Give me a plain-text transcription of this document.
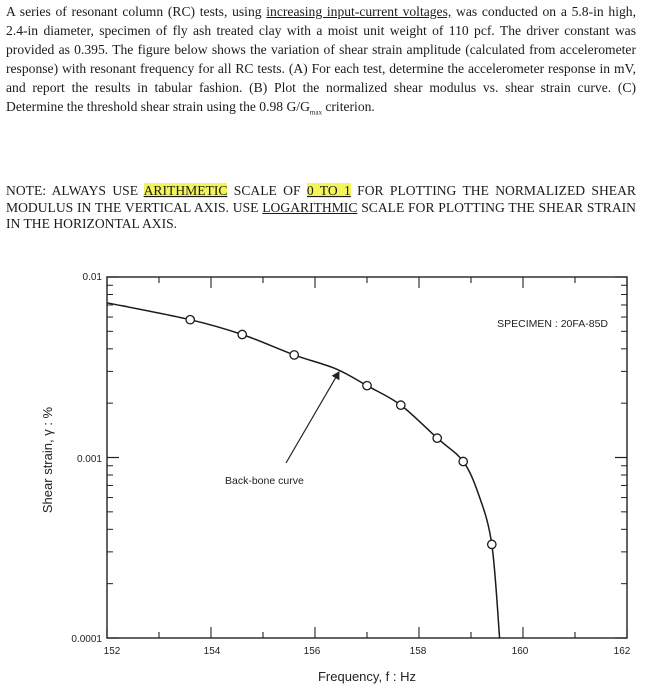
A series of resonant column (RC) tests, using increasing input-current voltages, was conducted on a 5.8-in high, 2.4-in diameter, specimen of fly ash treated clay with a moist unit weight of 110 pcf. The driver constant was provided as 0.395. The figure below shows the variation of shear strain amplitude (calculated from accelerometer response) with resonant frequency for all RC tests. (A) For each test, determine the accelerometer response in mV, and report the results in tabular fashion. (B) Plot the normalized shear modulus vs. shear strain curve. (C) Determine the threshold shear strain using the 0.98 $G/G_{max}$ criterion.
NOTE: ALWAYS USE ARITHMETIC SCALE OF 0 TO 1 FOR PLOTTING THE NORMALIZED SHEAR MODULUS IN THE VERTICAL AXIS. USE LOGARITHMIC SCALE FOR PLOTTING THE SHEAR STRAIN IN THE HORIZONTAL AXIS.
SPECIMEN : 20FA-85D
Back-bone curve
0.01
0.001
0.0001
152	154	156	158	160	162
Frequency, f : Hz
Shear strain, γ : %
